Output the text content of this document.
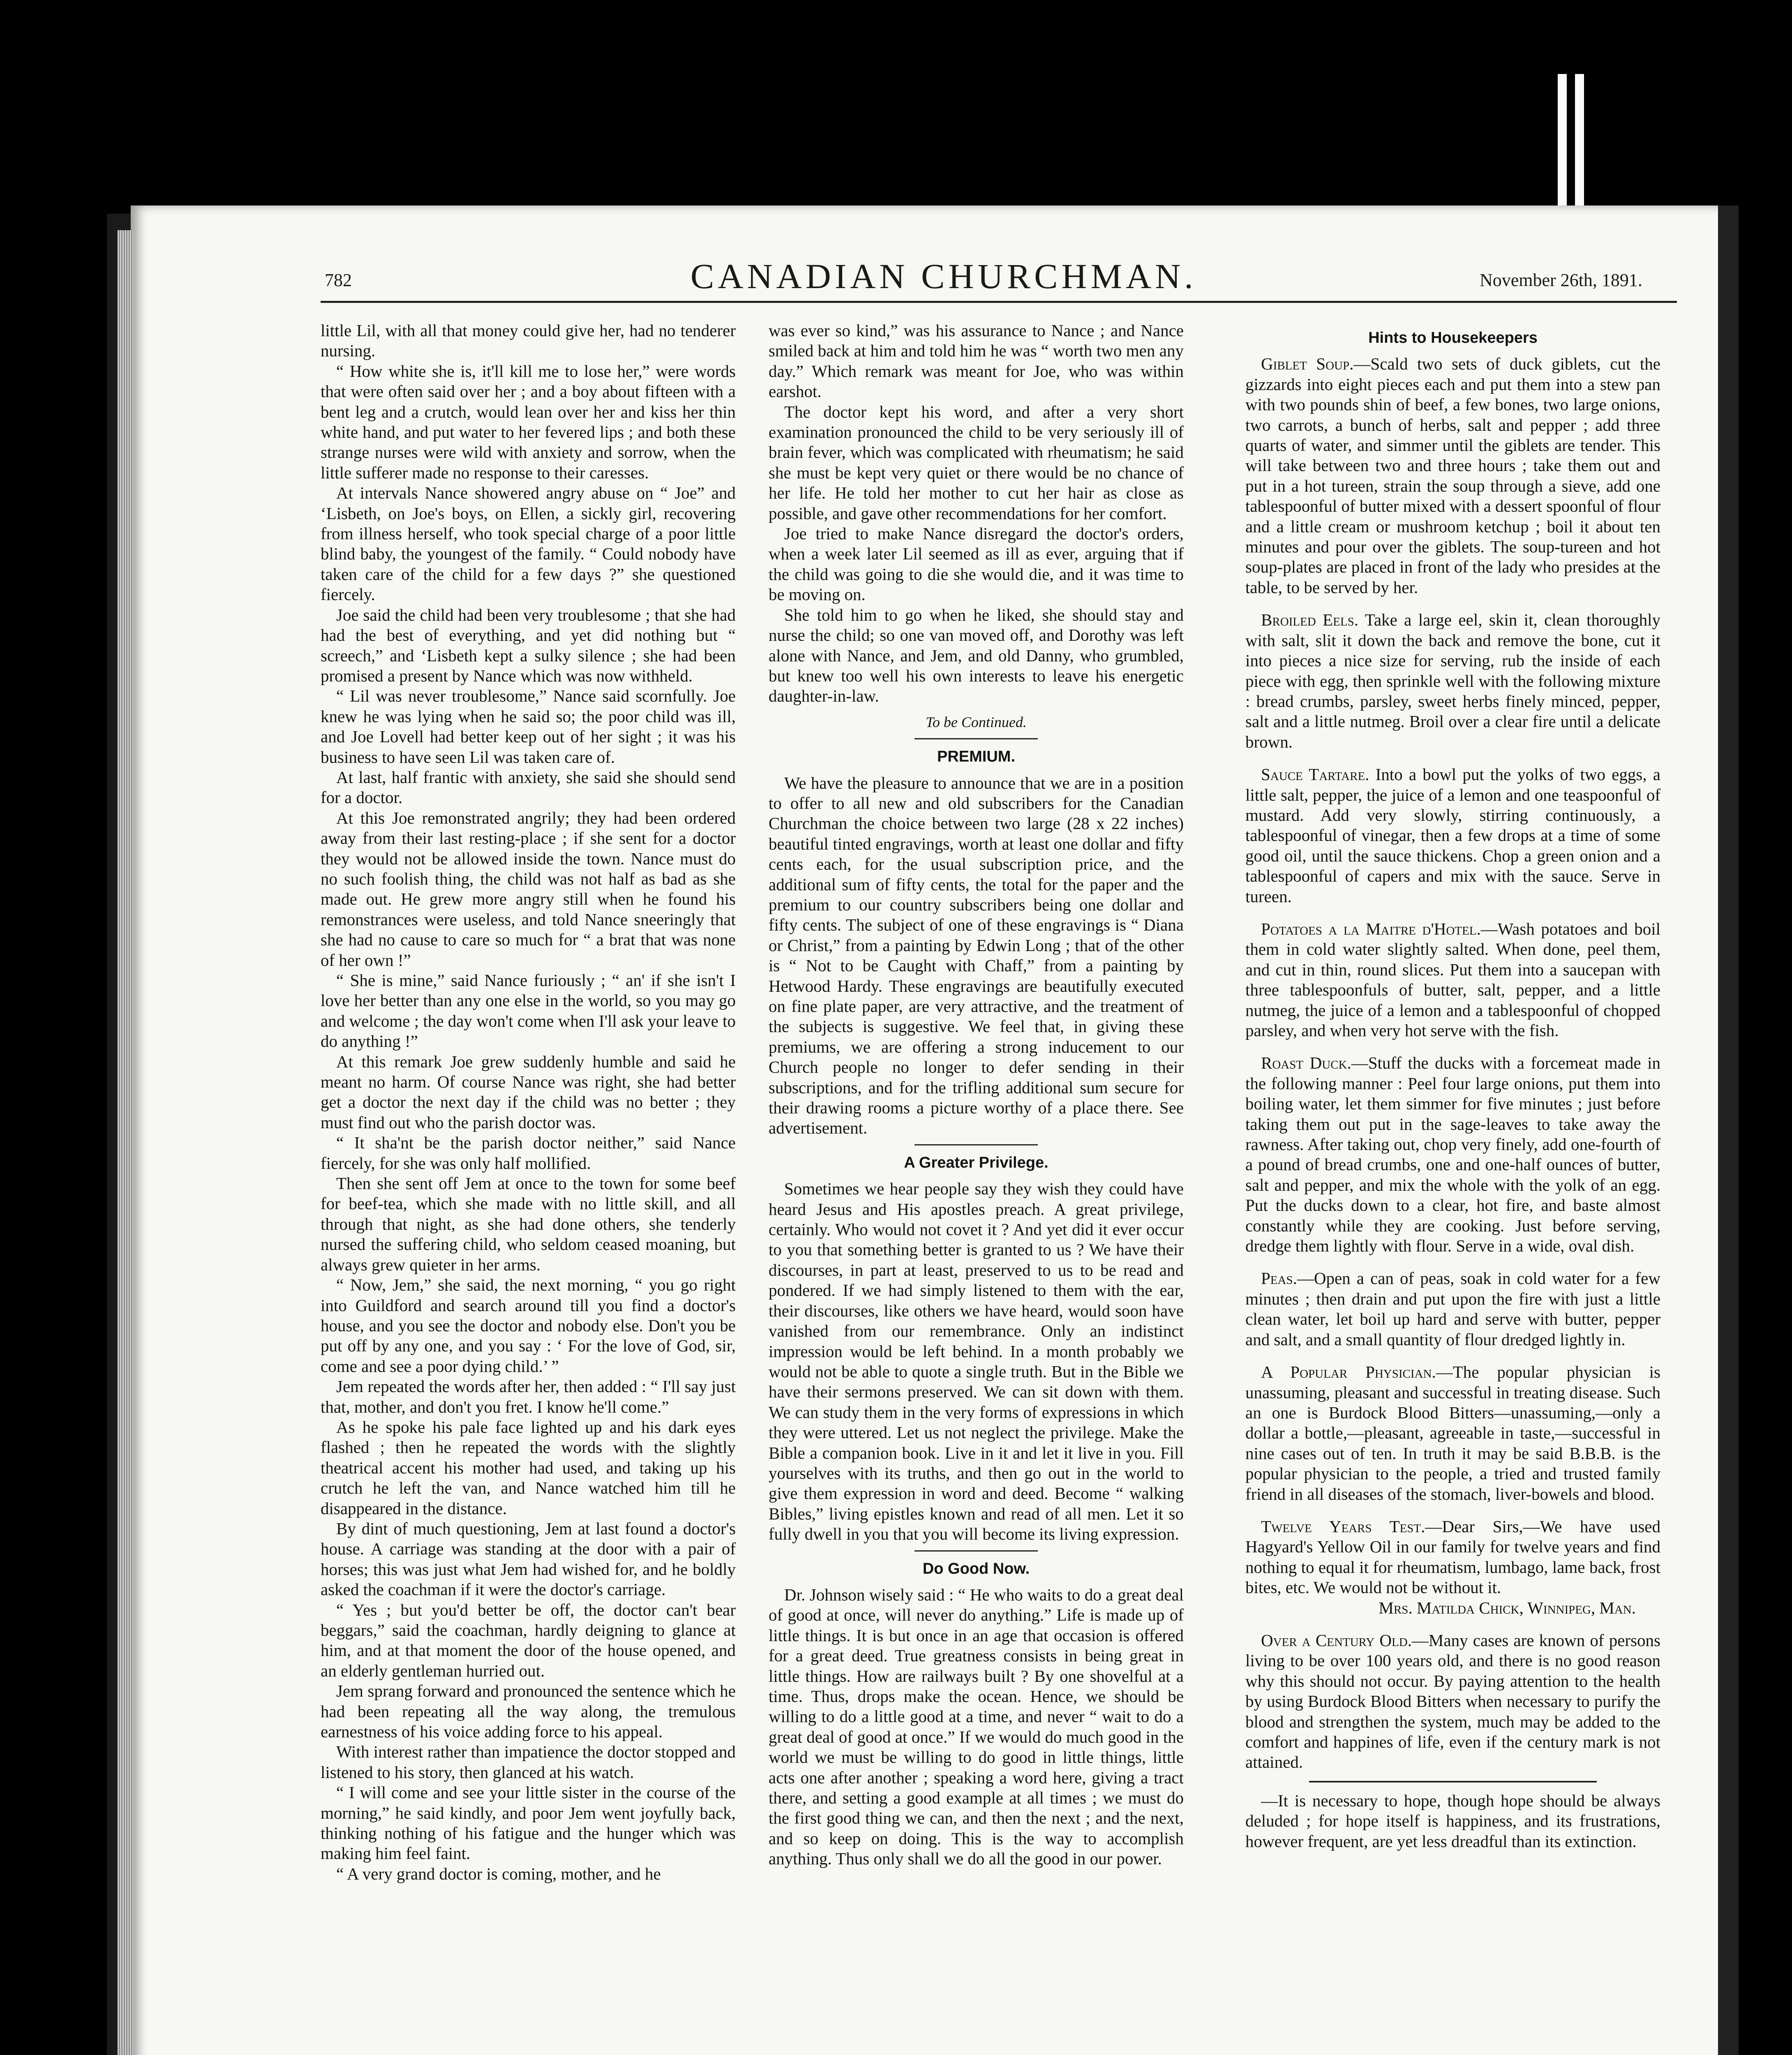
782	CANADIAN CHURCHMAN.	November 26th, 1891.

little Lil, with all that money could give her, had no tenderer nursing.

“ How white she is, it'll kill me to lose her,” were words that were often said over her ; and a boy about fifteen with a bent leg and a crutch, would lean over her and kiss her thin white hand, and put water to her fevered lips ; and both these strange nurses were wild with anxiety and sorrow, when the little sufferer made no response to their caresses.

At intervals Nance showered angry abuse on “ Joe” and ‘Lisbeth, on Joe's boys, on Ellen, a sickly girl, recovering from illness herself, who took special charge of a poor little blind baby, the youngest of the family. “ Could nobody have taken care of the child for a few days ?” she questioned fiercely.

Joe said the child had been very troublesome ; that she had had the best of everything, and yet did nothing but “ screech,” and ‘Lisbeth kept a sulky silence ; she had been promised a present by Nance which was now withheld.

“ Lil was never troublesome,” Nance said scornfully. Joe knew he was lying when he said so; the poor child was ill, and Joe Lovell had better keep out of her sight ; it was his business to have seen Lil was taken care of.

At last, half frantic with anxiety, she said she should send for a doctor.

At this Joe remonstrated angrily; they had been ordered away from their last resting-place ; if she sent for a doctor they would not be allowed inside the town. Nance must do no such foolish thing, the child was not half as bad as she made out. He grew more angry still when he found his remonstrances were useless, and told Nance sneeringly that she had no cause to care so much for “ a brat that was none of her own !”

“ She is mine,” said Nance furiously ; “ an' if she isn't I love her better than any one else in the world, so you may go and welcome ; the day won't come when I'll ask your leave to do anything !”

At this remark Joe grew suddenly humble and said he meant no harm. Of course Nance was right, she had better get a doctor the next day if the child was no better ; they must find out who the parish doctor was.

“ It sha'nt be the parish doctor neither,” said Nance fiercely, for she was only half mollified.

Then she sent off Jem at once to the town for some beef for beef-tea, which she made with no little skill, and all through that night, as she had done others, she tenderly nursed the suffering child, who seldom ceased moaning, but always grew quieter in her arms.

“ Now, Jem,” she said, the next morning, “ you go right into Guildford and search around till you find a doctor's house, and you see the doctor and nobody else. Don't you be put off by any one, and you say : ‘ For the love of God, sir, come and see a poor dying child.’ ”

Jem repeated the words after her, then added : “ I'll say just that, mother, and don't you fret. I know he'll come.”

As he spoke his pale face lighted up and his dark eyes flashed ; then he repeated the words with the slightly theatrical accent his mother had used, and taking up his crutch he left the van, and Nance watched him till he disappeared in the distance.

By dint of much questioning, Jem at last found a doctor's house. A carriage was standing at the door with a pair of horses; this was just what Jem had wished for, and he boldly asked the coachman if it were the doctor's carriage.

“ Yes ; but you'd better be off, the doctor can't bear beggars,” said the coachman, hardly deigning to glance at him, and at that moment the door of the house opened, and an elderly gentleman hurried out.

Jem sprang forward and pronounced the sentence which he had been repeating all the way along, the tremulous earnestness of his voice adding force to his appeal.

With interest rather than impatience the doctor stopped and listened to his story, then glanced at his watch.

“ I will come and see your little sister in the course of the morning,” he said kindly, and poor Jem went joyfully back, thinking nothing of his fatigue and the hunger which was making him feel faint.

“ A very grand doctor is coming, mother, and he

was ever so kind,” was his assurance to Nance ; and Nance smiled back at him and told him he was “ worth two men any day.” Which remark was meant for Joe, who was within earshot.

The doctor kept his word, and after a very short examination pronounced the child to be very seriously ill of brain fever, which was complicated with rheumatism; he said she must be kept very quiet or there would be no chance of her life. He told her mother to cut her hair as close as possible, and gave other recommendations for her comfort.

Joe tried to make Nance disregard the doctor's orders, when a week later Lil seemed as ill as ever, arguing that if the child was going to die she would die, and it was time to be moving on.

She told him to go when he liked, she should stay and nurse the child; so one van moved off, and Dorothy was left alone with Nance, and Jem, and old Danny, who grumbled, but knew too well his own interests to leave his energetic daughter-in-law.

To be Continued.
PREMIUM.

We have the pleasure to announce that we are in a position to offer to all new and old subscribers for the Canadian Churchman the choice between two large (28 x 22 inches) beautiful tinted engravings, worth at least one dollar and fifty cents each, for the usual subscription price, and the additional sum of fifty cents, the total for the paper and the premium to our country subscribers being one dollar and fifty cents. The subject of one of these engravings is “ Diana or Christ,” from a painting by Edwin Long ; that of the other is “ Not to be Caught with Chaff,” from a painting by Hetwood Hardy. These engravings are beautifully executed on fine plate paper, are very attractive, and the treatment of the subjects is suggestive. We feel that, in giving these premiums, we are offering a strong inducement to our Church people no longer to defer sending in their subscriptions, and for the trifling additional sum secure for their drawing rooms a picture worthy of a place there. See advertisement.

A Greater Privilege.

Sometimes we hear people say they wish they could have heard Jesus and His apostles preach. A great privilege, certainly. Who would not covet it ? And yet did it ever occur to you that something better is granted to us ? We have their discourses, in part at least, preserved to us to be read and pondered. If we had simply listened to them with the ear, their discourses, like others we have heard, would soon have vanished from our remembrance. Only an indistinct impression would be left behind. In a month probably we would not be able to quote a single truth. But in the Bible we have their sermons preserved. We can sit down with them. We can study them in the very forms of expressions in which they were uttered. Let us not neglect the privilege. Make the Bible a companion book. Live in it and let it live in you. Fill yourselves with its truths, and then go out in the world to give them expression in word and deed. Become “ walking Bibles,” living epistles known and read of all men. Let it so fully dwell in you that you will become its living expression.

Do Good Now.

Dr. Johnson wisely said : “ He who waits to do a great deal of good at once, will never do anything.” Life is made up of little things. It is but once in an age that occasion is offered for a great deed. True greatness consists in being great in little things. How are railways built ? By one shovelful at a time. Thus, drops make the ocean. Hence, we should be willing to do a little good at a time, and never “ wait to do a great deal of good at once.” If we would do much good in the world we must be willing to do good in little things, little acts one after another ; speaking a word here, giving a tract there, and setting a good example at all times ; we must do the first good thing we can, and then the next ; and the next, and so keep on doing. This is the way to accomplish anything. Thus only shall we do all the good in our power.

Hints to Housekeepers

Giblet Soup.—Scald two sets of duck giblets, cut the gizzards into eight pieces each and put them into a stew pan with two pounds shin of beef, a few bones, two large onions, two carrots, a bunch of herbs, salt and pepper ; add three quarts of water, and simmer until the giblets are tender. This will take between two and three hours ; take them out and put in a hot tureen, strain the soup through a sieve, add one tablespoonful of butter mixed with a dessert spoonful of flour and a little cream or mushroom ketchup ; boil it about ten minutes and pour over the giblets. The soup-tureen and hot soup-plates are placed in front of the lady who presides at the table, to be served by her.

Broiled Eels. Take a large eel, skin it, clean thoroughly with salt, slit it down the back and remove the bone, cut it into pieces a nice size for serving, rub the inside of each piece with egg, then sprinkle well with the following mixture : bread crumbs, parsley, sweet herbs finely minced, pepper, salt and a little nutmeg. Broil over a clear fire until a delicate brown.

Sauce Tartare. Into a bowl put the yolks of two eggs, a little salt, pepper, the juice of a lemon and one teaspoonful of mustard. Add very slowly, stirring continuously, a tablespoonful of vinegar, then a few drops at a time of some good oil, until the sauce thickens. Chop a green onion and a tablespoonful of capers and mix with the sauce. Serve in tureen.

Potatoes a la Maitre d'Hotel.—Wash potatoes and boil them in cold water slightly salted. When done, peel them, and cut in thin, round slices. Put them into a saucepan with three tablespoonfuls of butter, salt, pepper, and a little nutmeg, the juice of a lemon and a tablespoonful of chopped parsley, and when very hot serve with the fish.

Roast Duck.—Stuff the ducks with a forcemeat made in the following manner : Peel four large onions, put them into boiling water, let them simmer for five minutes ; just before taking them out put in the sage-leaves to take away the rawness. After taking out, chop very finely, add one-fourth of a pound of bread crumbs, one and one-half ounces of butter, salt and pepper, and mix the whole with the yolk of an egg. Put the ducks down to a clear, hot fire, and baste almost constantly while they are cooking. Just before serving, dredge them lightly with flour. Serve in a wide, oval dish.

Peas.—Open a can of peas, soak in cold water for a few minutes ; then drain and put upon the fire with just a little clean water, let boil up hard and serve with butter, pepper and salt, and a small quantity of flour dredged lightly in.

A Popular Physician.—The popular physician is unassuming, pleasant and successful in treating disease. Such an one is Burdock Blood Bitters—unassuming,—only a dollar a bottle,—pleasant, agreeable in taste,—successful in nine cases out of ten. In truth it may be said B.B.B. is the popular physician to the people, a tried and trusted family friend in all diseases of the stomach, liver-bowels and blood.

Twelve Years Test.—Dear Sirs,—We have used Hagyard's Yellow Oil in our family for twelve years and find nothing to equal it for rheumatism, lumbago, lame back, frost bites, etc. We would not be without it.

Mrs. Matilda Chick, Winnipeg, Man.

Over a Century Old.—Many cases are known of persons living to be over 100 years old, and there is no good reason why this should not occur. By paying attention to the health by using Burdock Blood Bitters when necessary to purify the blood and strengthen the system, much may be added to the comfort and happines of life, even if the century mark is not attained.

—It is necessary to hope, though hope should be always deluded ; for hope itself is happiness, and its frustrations, however frequent, are yet less dreadful than its extinction.
